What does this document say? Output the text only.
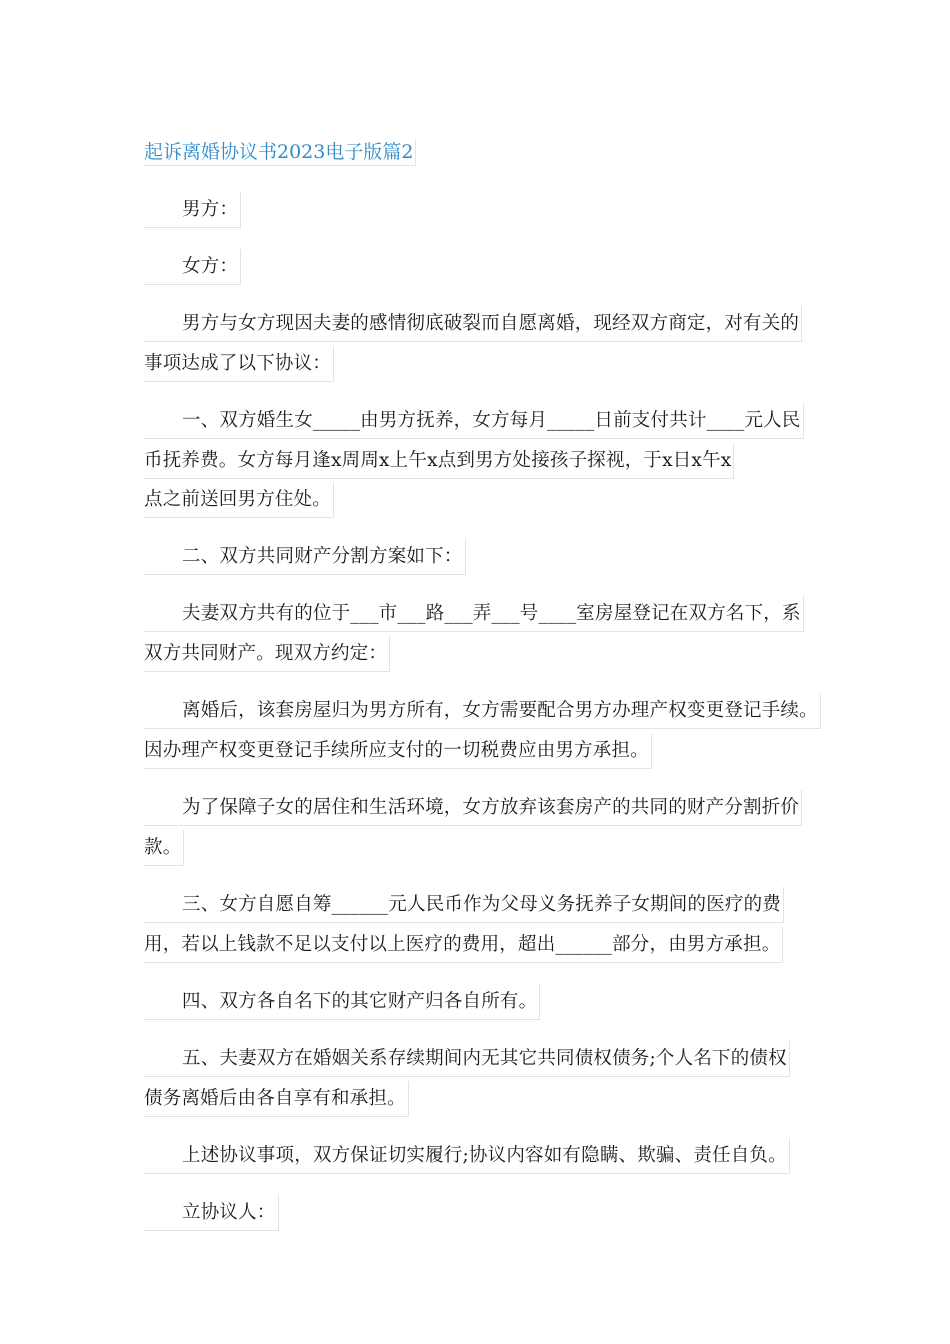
起诉离婚协议书2023电子版篇2
男方：
女方：
男方与女方现因夫妻的感情彻底破裂而自愿离婚，现经双方商定，对有关的
事项达成了以下协议：
一、双方婚生女_____由男方抚养，女方每月_____日前支付共计____元人民
币抚养费。女方每月逢x周周x上午x点到男方处接孩子探视，于x日x午x
点之前送回男方住处。
二、双方共同财产分割方案如下：
夫妻双方共有的位于___市___路___弄___号____室房屋登记在双方名下，系
双方共同财产。现双方约定：
离婚后，该套房屋归为男方所有，女方需要配合男方办理产权变更登记手续。
因办理产权变更登记手续所应支付的一切税费应由男方承担。
为了保障子女的居住和生活环境，女方放弃该套房产的共同的财产分割折价
款。
三、女方自愿自筹______元人民币作为父母义务抚养子女期间的医疗的费
用，若以上钱款不足以支付以上医疗的费用，超出______部分，由男方承担。
四、双方各自名下的其它财产归各自所有。
五、夫妻双方在婚姻关系存续期间内无其它共同债权债务;个人名下的债权
债务离婚后由各自享有和承担。
上述协议事项，双方保证切实履行;协议内容如有隐瞒、欺骗、责任自负。
立协议人：
